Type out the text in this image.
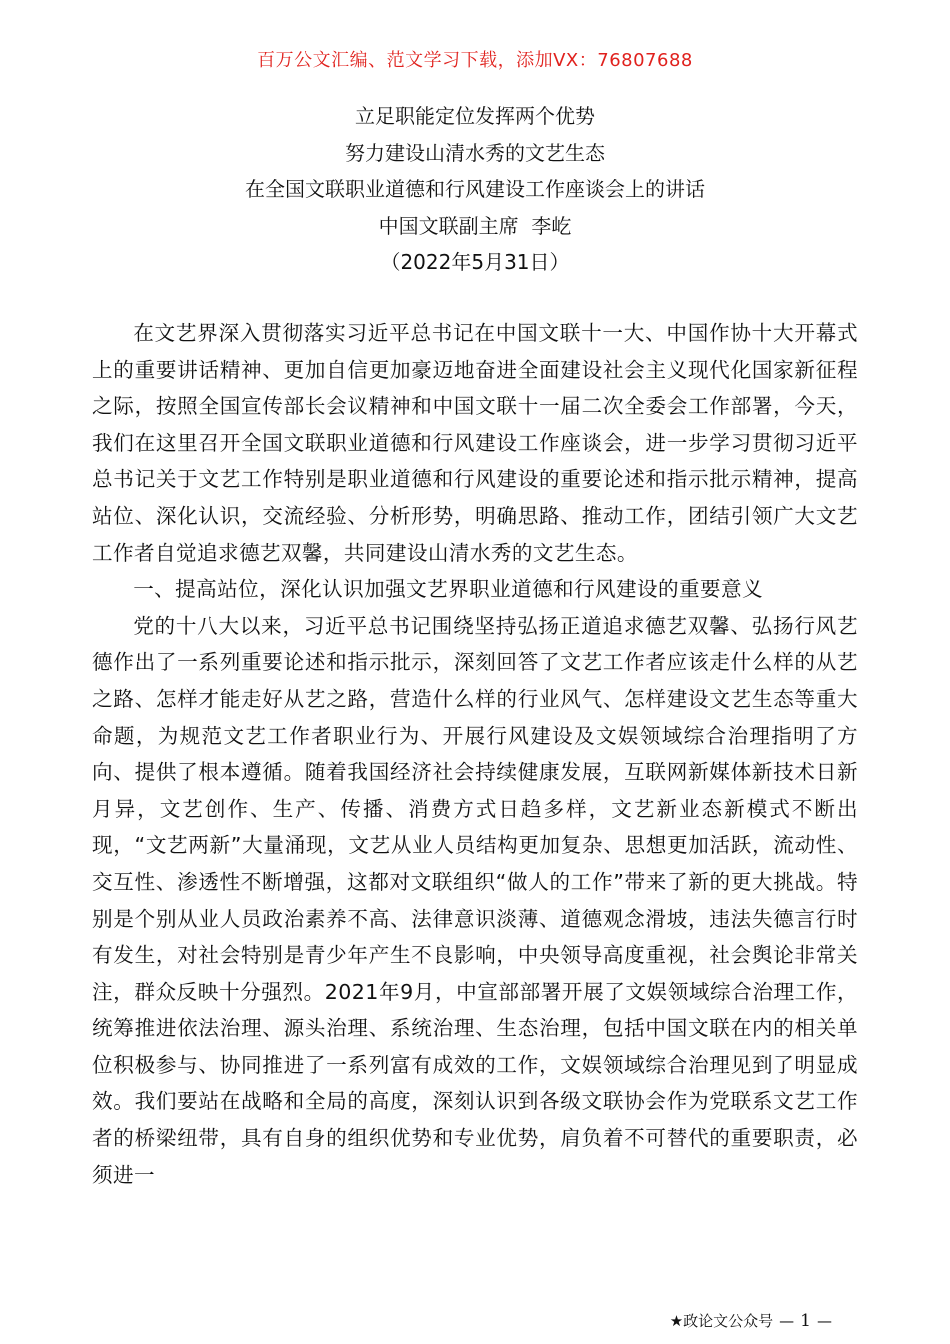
百万公文汇编、范文学习下载，添加VX：76807688
立足职能定位发挥两个优势
努力建设山清水秀的文艺生态
在全国文联职业道德和行风建设工作座谈会上的讲话
中国文联副主席  李屹
（2022年5月31日）

在文艺界深入贯彻落实习近平总书记在中国文联十一大、中国作协十大开幕式上的重要讲话精神、更加自信更加豪迈地奋进全面建设社会主义现代化国家新征程之际，按照全国宣传部长会议精神和中国文联十一届二次全委会工作部署，今天，我们在这里召开全国文联职业道德和行风建设工作座谈会，进一步学习贯彻习近平总书记关于文艺工作特别是职业道德和行风建设的重要论述和指示批示精神，提高站位、深化认识，交流经验、分析形势，明确思路、推动工作，团结引领广大文艺工作者自觉追求德艺双馨，共同建设山清水秀的文艺生态。

一、提高站位，深化认识加强文艺界职业道德和行风建设的重要意义

党的十八大以来，习近平总书记围绕坚持弘扬正道追求德艺双馨、弘扬行风艺德作出了一系列重要论述和指示批示，深刻回答了文艺工作者应该走什么样的从艺之路、怎样才能走好从艺之路，营造什么样的行业风气、怎样建设文艺生态等重大命题，为规范文艺工作者职业行为、开展行风建设及文娱领域综合治理指明了方向、提供了根本遵循。随着我国经济社会持续健康发展，互联网新媒体新技术日新月异，文艺创作、生产、传播、消费方式日趋多样，文艺新业态新模式不断出现，“文艺两新”大量涌现，文艺从业人员结构更加复杂、思想更加活跃，流动性、交互性、渗透性不断增强，这都对文联组织“做人的工作”带来了新的更大挑战。特别是个别从业人员政治素养不高、法律意识淡薄、道德观念滑坡，违法失德言行时有发生，对社会特别是青少年产生不良影响，中央领导高度重视，社会舆论非常关注，群众反映十分强烈。2021年9月，中宣部部署开展了文娱领域综合治理工作，统筹推进依法治理、源头治理、系统治理、生态治理，包括中国文联在内的相关单位积极参与、协同推进了一系列富有成效的工作，文娱领域综合治理见到了明显成效。我们要站在战略和全局的高度，深刻认识到各级文联协会作为党联系文艺工作者的桥梁纽带，具有自身的组织优势和专业优势，肩负着不可替代的重要职责，必须进一

★政论文公众号 — 1 —
